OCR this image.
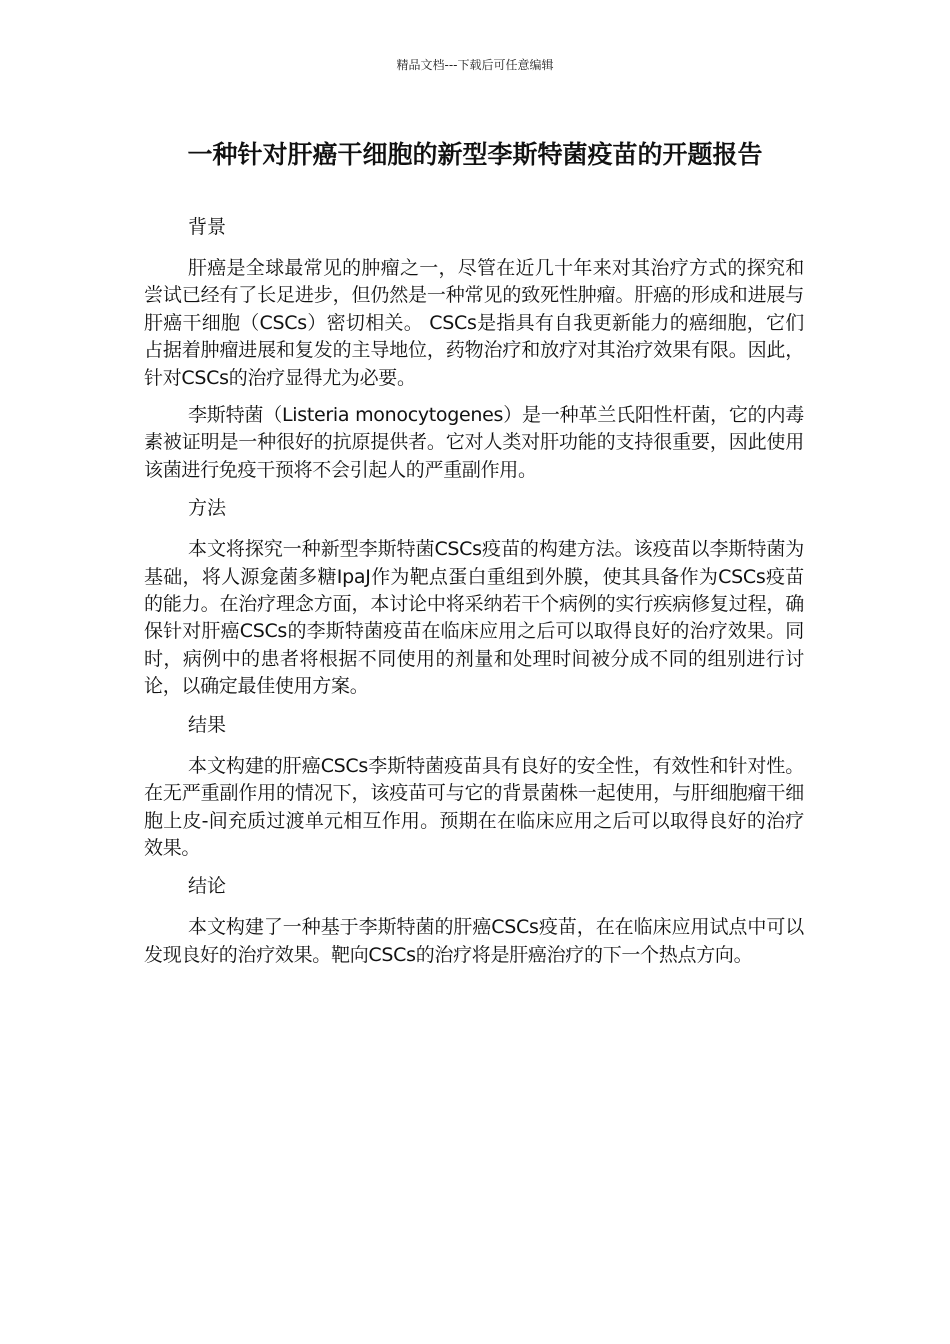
精品文档---下载后可任意编辑
一种针对肝癌干细胞的新型李斯特菌疫苗的开题报告
背景

肝癌是全球最常见的肿瘤之一，尽管在近几十年来对其治疗方式的探究和尝试已经有了长足进步，但仍然是一种常见的致死性肿瘤。肝癌的形成和进展与肝癌干细胞（CSCs）密切相关。 CSCs是指具有自我更新能力的癌细胞，它们占据着肿瘤进展和复发的主导地位，药物治疗和放疗对其治疗效果有限。因此，针对CSCs的治疗显得尤为必要。

李斯特菌（Listeria monocytogenes）是一种革兰氏阳性杆菌，它的内毒素被证明是一种很好的抗原提供者。它对人类对肝功能的支持很重要，因此使用该菌进行免疫干预将不会引起人的严重副作用。

方法

本文将探究一种新型李斯特菌CSCs疫苗的构建方法。该疫苗以李斯特菌为基础，将人源龛菌多糖IpaJ作为靶点蛋白重组到外膜，使其具备作为CSCs疫苗的能力。在治疗理念方面，本讨论中将采纳若干个病例的实行疾病修复过程，确保针对肝癌CSCs的李斯特菌疫苗在临床应用之后可以取得良好的治疗效果。同时，病例中的患者将根据不同使用的剂量和处理时间被分成不同的组别进行讨论，以确定最佳使用方案。

结果

本文构建的肝癌CSCs李斯特菌疫苗具有良好的安全性，有效性和针对性。在无严重副作用的情况下，该疫苗可与它的背景菌株一起使用，与肝细胞瘤干细胞上皮-间充质过渡单元相互作用。预期在在临床应用之后可以取得良好的治疗效果。

结论

本文构建了一种基于李斯特菌的肝癌CSCs疫苗，在在临床应用试点中可以发现良好的治疗效果。靶向CSCs的治疗将是肝癌治疗的下一个热点方向。
